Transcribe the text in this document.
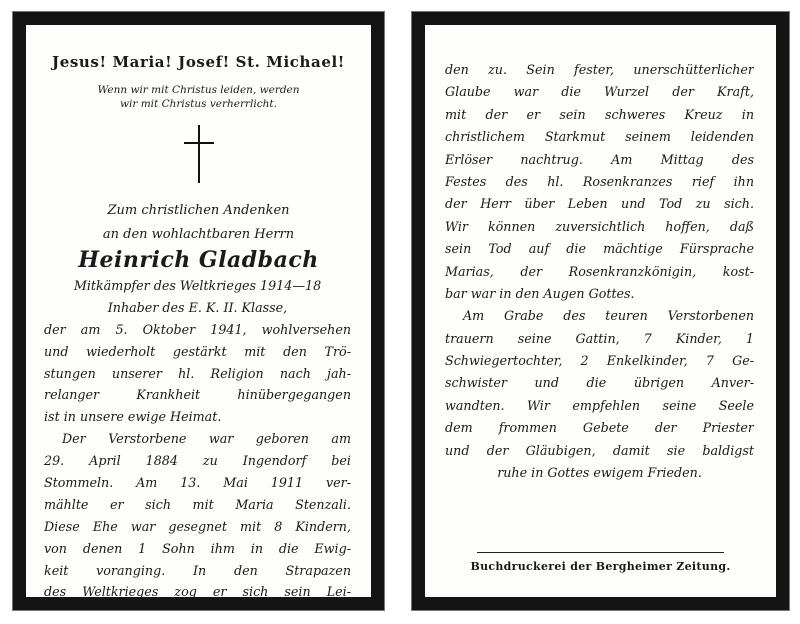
Jesus! Maria! Josef! St. Michael!
Wenn wir mit Christus leiden, werden
wir mit Christus verherrlicht.
Zum christlichen Andenken
an den wohlachtbaren Herrn
Heinrich Gladbach
Mitkämpfer des Weltkrieges 1914—18
Inhaber des E. K. II. Klasse,
der am 5. Oktober 1941, wohlversehen
und wiederholt gestärkt mit den Trö-
stungen unserer hl. Religion nach jah-
relanger Krankheit hinübergegangen
ist in unsere ewige Heimat.
Der Verstorbene war geboren am
29. April 1884 zu Ingendorf bei
Stommeln. Am 13. Mai 1911 ver-
mählte er sich mit Maria Stenzali.
Diese Ehe war gesegnet mit 8 Kindern,
von denen 1 Sohn ihm in die Ewig-
keit voranging. In den Strapazen
des Weltkrieges zog er sich sein Lei-
den zu. Sein fester, unerschütterlicher
Glaube war die Wurzel der Kraft,
mit der er sein schweres Kreuz in
christlichem Starkmut seinem leidenden
Erlöser nachtrug. Am Mittag des
Festes des hl. Rosenkranzes rief ihn
der Herr über Leben und Tod zu sich.
Wir können zuversichtlich hoffen, daß
sein Tod auf die mächtige Fürsprache
Marias, der Rosenkranzkönigin, kost-
bar war in den Augen Gottes.
Am Grabe des teuren Verstorbenen
trauern seine Gattin, 7 Kinder, 1
Schwiegertochter, 2 Enkelkinder, 7 Ge-
schwister und die übrigen Anver-
wandten. Wir empfehlen seine Seele
dem frommen Gebete der Priester
und der Gläubigen, damit sie baldigst
ruhe in Gottes ewigem Frieden.
Buchdruckerei der Bergheimer Zeitung.
